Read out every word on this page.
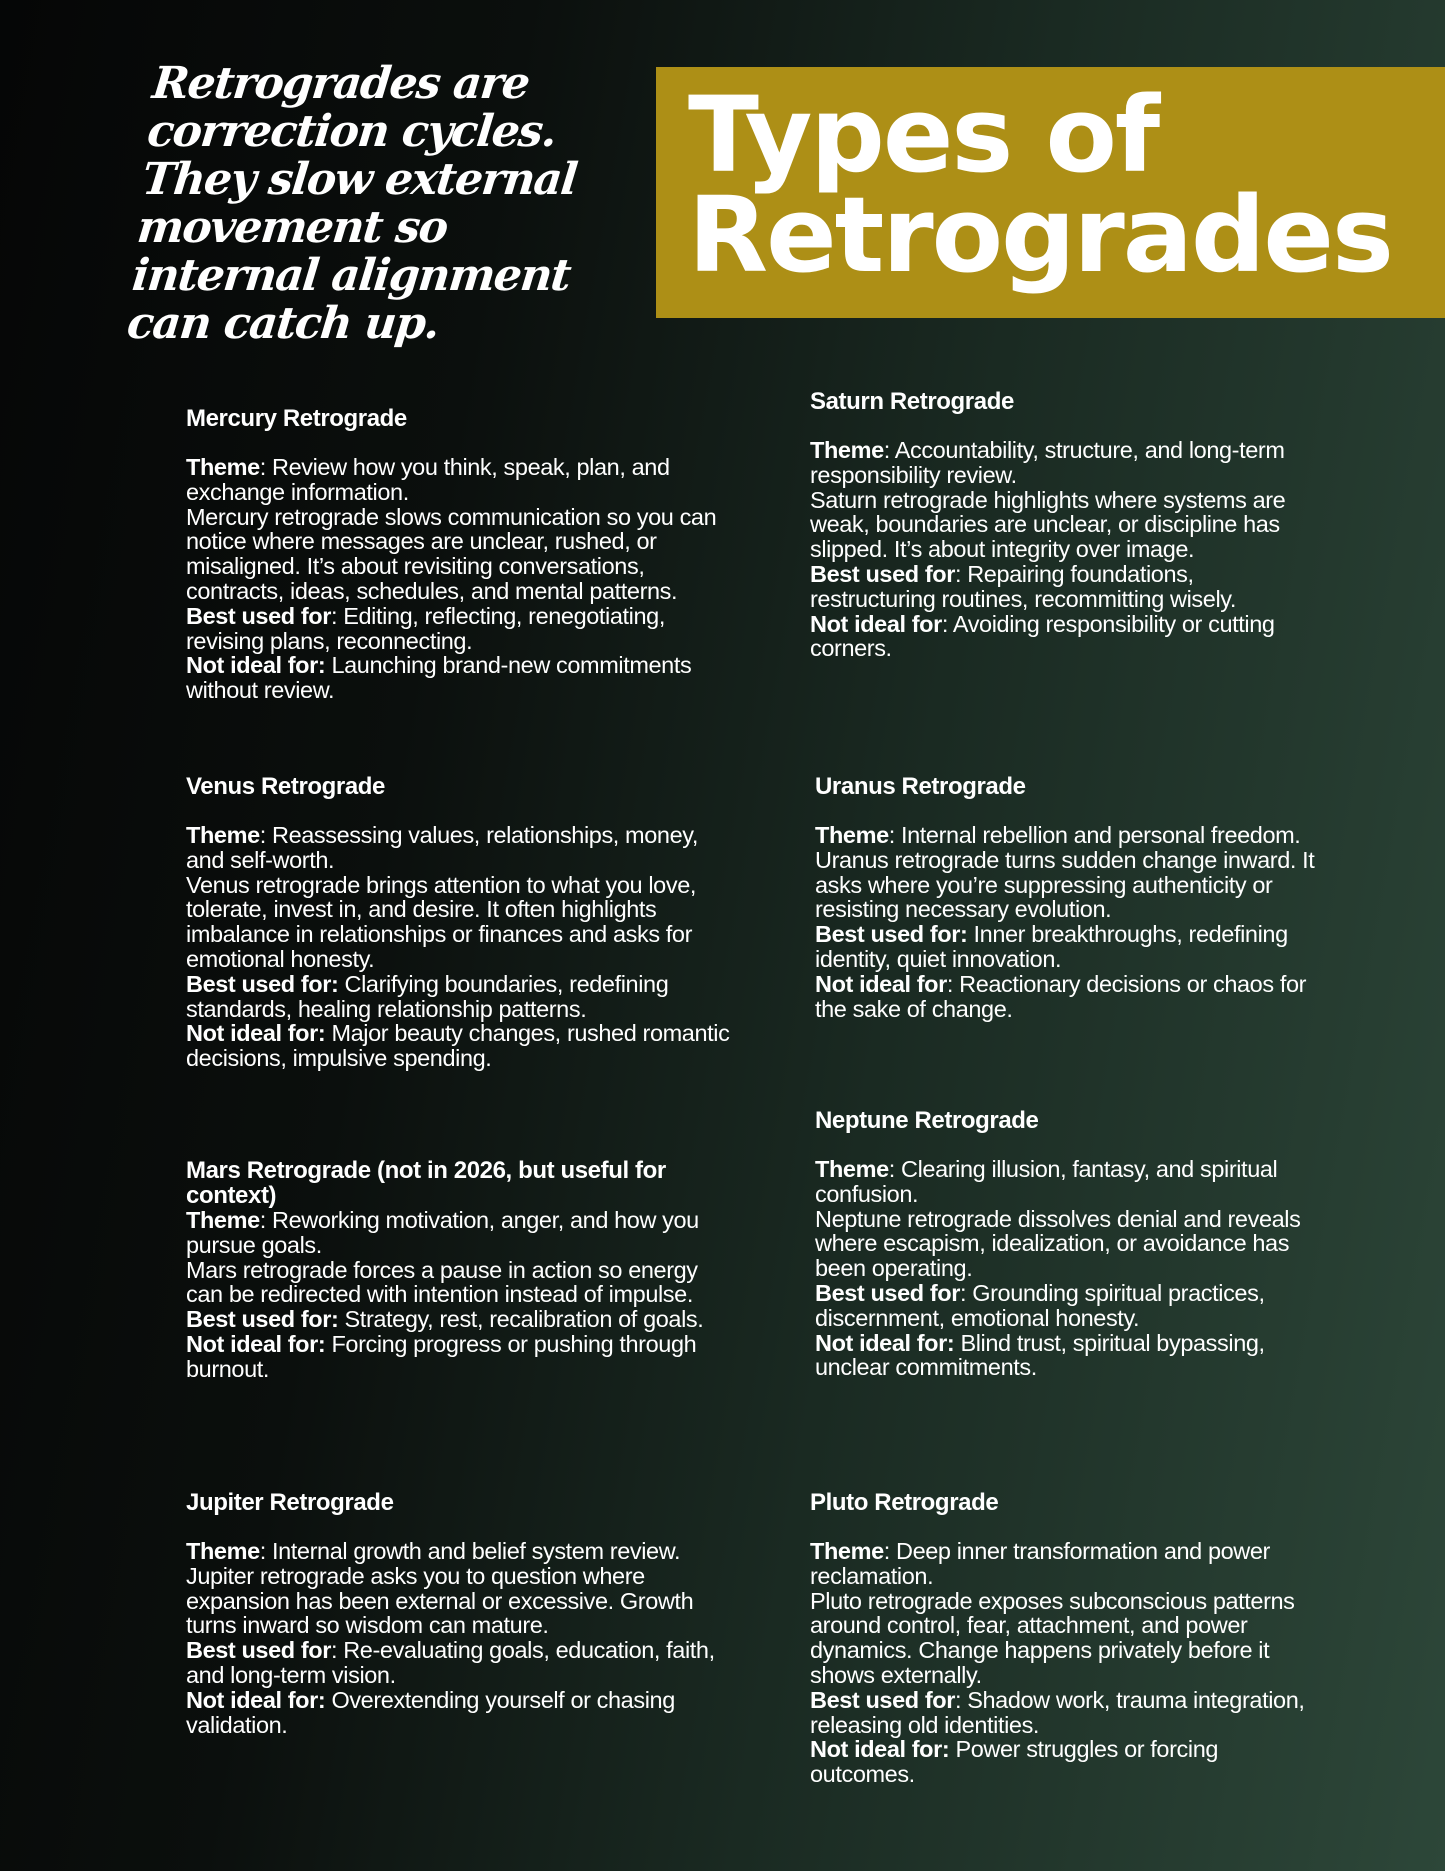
Retrogrades are correction cycles. They slow external movement so internal alignment can catch up.
Types of
Retrogrades
Mercury Retrograde

Theme: Review how you think, speak, plan, and exchange information.

Mercury retrograde slows communication so you can notice where messages are unclear, rushed, or misaligned. It’s about revisiting conversations, contracts, ideas, schedules, and mental patterns.

Best used for: Editing, reflecting, renegotiating, revising plans, reconnecting.

Not ideal for: Launching brand-new commitments without review.

Saturn Retrograde

Theme: Accountability, structure, and long-term responsibility review.

Saturn retrograde highlights where systems are weak, boundaries are unclear, or discipline has slipped. It’s about integrity over image.

Best used for: Repairing foundations, restructuring routines, recommitting wisely.

Not ideal for: Avoiding responsibility or cutting corners.

Venus Retrograde

Theme: Reassessing values, relationships, money, and self-worth.

Venus retrograde brings attention to what you love, tolerate, invest in, and desire. It often highlights imbalance in relationships or finances and asks for emotional honesty.

Best used for: Clarifying boundaries, redefining standards, healing relationship patterns.

Not ideal for: Major beauty changes, rushed romantic decisions, impulsive spending.

Uranus Retrograde

Theme: Internal rebellion and personal freedom.

Uranus retrograde turns sudden change inward. It asks where you’re suppressing authenticity or resisting necessary evolution.

Best used for: Inner breakthroughs, redefining identity, quiet innovation.

Not ideal for: Reactionary decisions or chaos for the sake of change.

Neptune Retrograde

Theme: Clearing illusion, fantasy, and spiritual confusion.

Neptune retrograde dissolves denial and reveals where escapism, idealization, or avoidance has been operating.

Best used for: Grounding spiritual practices, discernment, emotional honesty.

Not ideal for: Blind trust, spiritual bypassing, unclear commitments.

Mars Retrograde (not in 2026, but useful for context)

Theme: Reworking motivation, anger, and how you pursue goals.

Mars retrograde forces a pause in action so energy can be redirected with intention instead of impulse.

Best used for: Strategy, rest, recalibration of goals.

Not ideal for: Forcing progress or pushing through burnout.

Jupiter Retrograde

Theme: Internal growth and belief system review.

Jupiter retrograde asks you to question where expansion has been external or excessive. Growth turns inward so wisdom can mature.

Best used for: Re-evaluating goals, education, faith, and long-term vision.

Not ideal for: Overextending yourself or chasing validation.

Pluto Retrograde

Theme: Deep inner transformation and power reclamation.

Pluto retrograde exposes subconscious patterns around control, fear, attachment, and power dynamics. Change happens privately before it shows externally.

Best used for: Shadow work, trauma integration, releasing old identities.

Not ideal for: Power struggles or forcing outcomes.
